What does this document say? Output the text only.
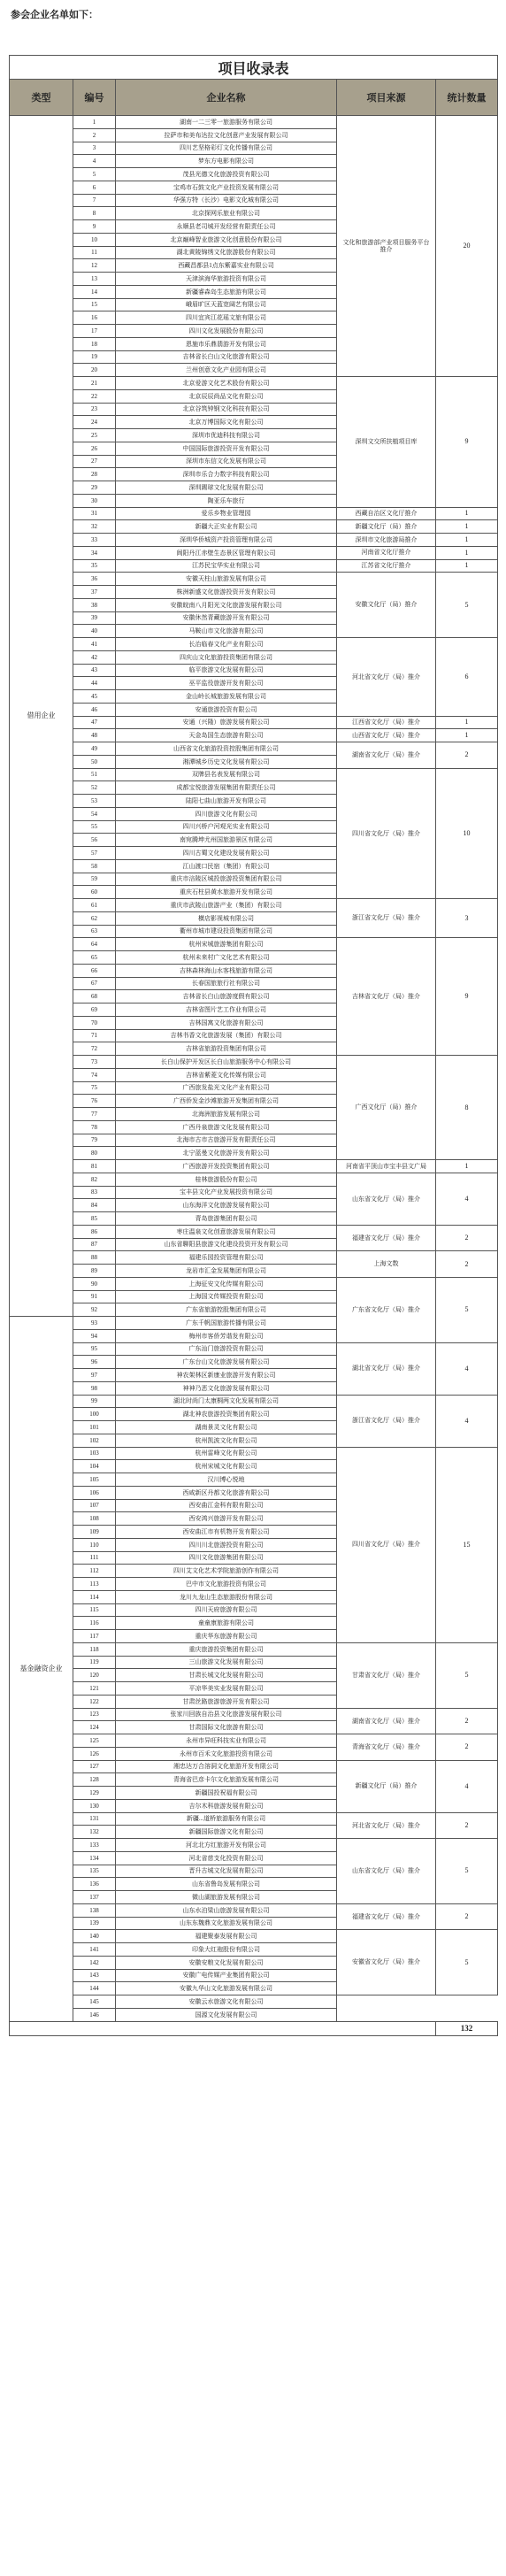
参会企业名单如下：

项目收录表				
类型	编号	企业名称	项目来源	统计数量
借用企业	1	湖南一二三零一旅游服务有限公司	文化和旅游部产业项目服务平台推介	20
	2	拉萨市和美布达拉文化创意产业发展有限公司		
	3	四川艺坚格彩灯文化传播有限公司		
	4	梦东方电影有限公司		
	5	茂县光德文化旅游投资有限公司		
	6	宝鸡市石鼓文化产业投资发展有限公司		
	7	华强方特（长沙）电影文化城有限公司		
	8	北京探网乐旅业有限公司		
	9	永顺县老司城开发经营有限责任公司		
	10	北京巅峰智业旅游文化创意股份有限公司		
	11	湖北黄陵锦绣文化旅游股份有限公司		
	12	西藏昌都县1点东紫嘉实业有限公司		
	13	天津滨海华旅游投资有限公司		
	14	新疆睿森岛生态旅游有限公司		
	15	峨眉旷区天蓝宽阔艺有限公司		
	16	四川宜宾江花瑶文旅有限公司		
	17	四川文化发展股份有限公司		
	18	恩施市乐鼎翡游开发有限公司		
	19	吉林省长白山文化旅游有限公司		
	20	兰州创意文化产业园有限公司		
	21	北京爱游文化艺术股份有限公司	深圳文交所扶植项目库	9
	22	北京辰辰尚品文化有限公司		
	23	北京谷筑钟钢文化科技有限公司		
	24	北京万博国际文化有限公司		
	25	深圳市优迪科技有限公司		
	26	中国国际旅游投资开发有限公司		
	27	深圳市东信文化发展有限公司		
	28	深圳市乐合力数字科技有限公司		
	29	深圳踢球文化发展有限公司		
	30	陶亚乐车旅行		
	31	爱乐乡物业管理园	西藏自治区文化厅推介	1
	32	新疆大正实业有限公司	新疆文化厅（局）推介	1
	33	深圳华侨城资产投资管理有限公司	深圳市文化旅游局推介	1
	34	阆阳丹江赤壁生态景区管理有限公司	河南省文化厅推介	1
	35	江苏民宝华实业有限公司	江苏省文化厅推介	1
	36	安徽天柱山旅游发展有限公司	安徽文化厅（局）推介	5
	37	株洲新盛文化旅游投资开发有限公司		
	38	安徽皖南八月阳光文化旅游发展有限公司		
	39	安徽休然青藏旅游开发有限公司		
	40	马鞍山市文化旅游有限公司		
	41	长治临春文化产业有限公司	河北省文化厅（局）推介	6
	42	四庆山文化旅游投资集团有限公司		
	43	临平旅游文化发展有限公司		
	44	巫平监役旅游开发有限公司		
	45	金山岭长城旅游发展有限公司		
	46	安通旅游投资有限公司		
	47	安通（兴隆）旅游发展有限公司	江西省文化厅（局）推介	1
	48	天金岛国生态旅游有限公司	山西省文化厅（局）推介	1
	49	山西省文化旅游投资控股集团有限公司	湖南省文化厅（局）推介	2
	50	湘潭城乡历史文化发展有限公司		
	51	双牌县名表发展有限公司	四川省文化厅（局）推介	10
	52	成都宝悦旅游发展集团有限责任公司		
	53	陆阳七曲山旅游开发有限公司		
	54	四川旅游文化有限公司		
	55	四川兴桥户河观光实业有限公司		
	56	南宛腾坤尤州国旅游景区有限公司		
	57	四川古蜀文化建设发展有限公司		
	58	江山渡口民宿（集团）有限公司		
	59	重庆市涪陵区城投旅游投资集团有限公司		
	60	重庆石柱县黄水旅游开发有限公司		
	61	重庆市武陵山旅游产业（集团）有限公司	浙江省文化厅（局）推介	3
	62	横店影视城有限公司		
	63	衢州市城市建设投资集团有限公司		
	64	杭州宋城旅游集团有限公司	吉林省文化厅（局）推介	9
	65	杭州未来村广文化艺术有限公司		
	66	吉林森林海山水客栈旅游有限公司		
	67	长春国旅旅行社有限公司		
	68	吉林省长白山旅游度假有限公司		
	69	吉林省图片艺工作业有限公司		
	70	吉林国寓文化旅游有限公司		
	71	吉林书香文化旅游发展（集团）有限公司		
	72	吉林省旅游投资集团有限公司		
	73	长白山保护开发区长白山旅游服务中心有限公司	广西文化厅（局）推介	8
	74	吉林省紫菱文化传媒有限公司		
	75	广西旅发盐光文化产业有限公司		
	76	广西侨发金沙滩旅游开发集团有限公司		
	77	北海洲旅游发展有限公司		
	78	广西丹泉旅游文化发展有限公司		
	79	北海市古市古旅游开发有限责任公司		
	80	北宁蓝曼文化旅游开发有限公司		
	81	广西旅游开发投资集团有限公司	河南省平顶山市宝丰县文广局	1
	82	桂林旅游股份有限公司	山东省文化厅（局）推介	4
	83	宝丰县文化产业发展投资有限公司		
	84	山东海洋文化旅游发展有限公司		
	85	青岛旅游集团有限公司		
	86	枣庄温泉文化创意旅游发展有限公司	福建省文化厅（局）推介	2
	87	山东省聊阳县旅游文化建设投资开发有限公司		
	88	福建乐园投资管理有限公司	上海文数	2
	89	龙岩市汇金发展集团有限公司		
	90	上海征安文化传媒有限公司	广东省文化厅（局）推介	5
	91	上海国文传媒投资有限公司		
	92	广东省旅游控股集团有限公司		
基金融资企业	93	广东千帆国旅游传播有限公司		
	94	梅州市客侨芳谐发有限公司		
	95	广东汕门旅游投资有限公司	湖北省文化厅（局）推介	4
	96	广东台山文化旅游发展有限公司		
	97	神农架林区新康业旅游开发有限公司		
	98	神神乃恶文化旅游发展有限公司		
	99	湖北时尚门太康桐两文化发展有限公司	浙江省文化厅（局）推介	4
	100	湖北神农旅游投资集团有限公司		
	101	湖南景灵文化有限公司		
	102	杭州凯波文化有限公司		
	103	杭州雷峰文化有限公司	四川省文化厅（局）推介	15
	104	杭州宋城文化有限公司		
	105	汉川博心悦地		
	106	西咸新区丹都文化旅游有限公司		
	107	西安曲江金科有限有限公司		
	108	西安鸿兴旅游开发有限公司		
	109	西安曲江市有机物开发有限公司		
	110	四川川北旅游投资有限公司		
	111	四川文化旅游集团有限公司		
	112	四川艾文化艺术学院旅游创作有限公司		
	113	巴中市文化旅游投资有限公司		
	114	龙川九龙山生态旅游股份有限公司		
	115	四川天府旅游有限公司		
	116	童童康旅游有限公司		
	117	重庆华东旅游有限公司		
	118	重庆旅游投资集团有限公司	甘肃省文化厅（局）推介	5
	119	三山旅游文化发展有限公司		
	120	甘肃长城文化发展有限公司		
	121	平凉华美实业发展有限公司		
	122	甘肃丝路旅游旅游开发有限公司		
	123	张家川回族自治县文化旅游发展有限公司	湖南省文化厅（局）推介	2
	124	甘肃国际文化旅游有限公司		
	125	永州市异旺科技实业有限公司	青海省文化厅（局）推介	2
	126	永州市百禾文化旅游投资有限公司		
	127	湘忠达万合溶洞文化旅游开发有限公司	新疆文化厅（局）推介	4
	128	青海省巴彦卡尔文化旅游发展有限公司		
	129	新疆国投祝福有限公司		
	130	吉尔木科旅游发展有限公司		
	131	新疆...道桥旅游服务有限公司	河北省文化厅（局）推介	2
	132	新疆国际旅游文化有限公司		
	133	河北北方红旅游开发有限公司	山东省文化厅（局）推介	5
	134	河北省慈支化投资有限公司		
	135	晋升古城文化发展有限公司		
	136	山东省鲁岛发展有限公司		
	137	微山湖旅游发展有限公司		
	138	山东水泊梁山旅游发展有限公司	福建省文化厅（局）推介	2
	139	山东东魏鼎文化旅游发展有限公司		
	140	福建聚泰发展有限公司	安徽省文化厅（局）推介	5
	141	印象大红袍股份有限公司		
	142	安徽安粮文化发展有限公司		
	143	安徽广电传媒产业集团有限公司		
	144	安徽九华山文化旅游发展有限公司		
	145	安徽云水旅游文化有限公司		
	146	国源文化发展有限公司		
				132
